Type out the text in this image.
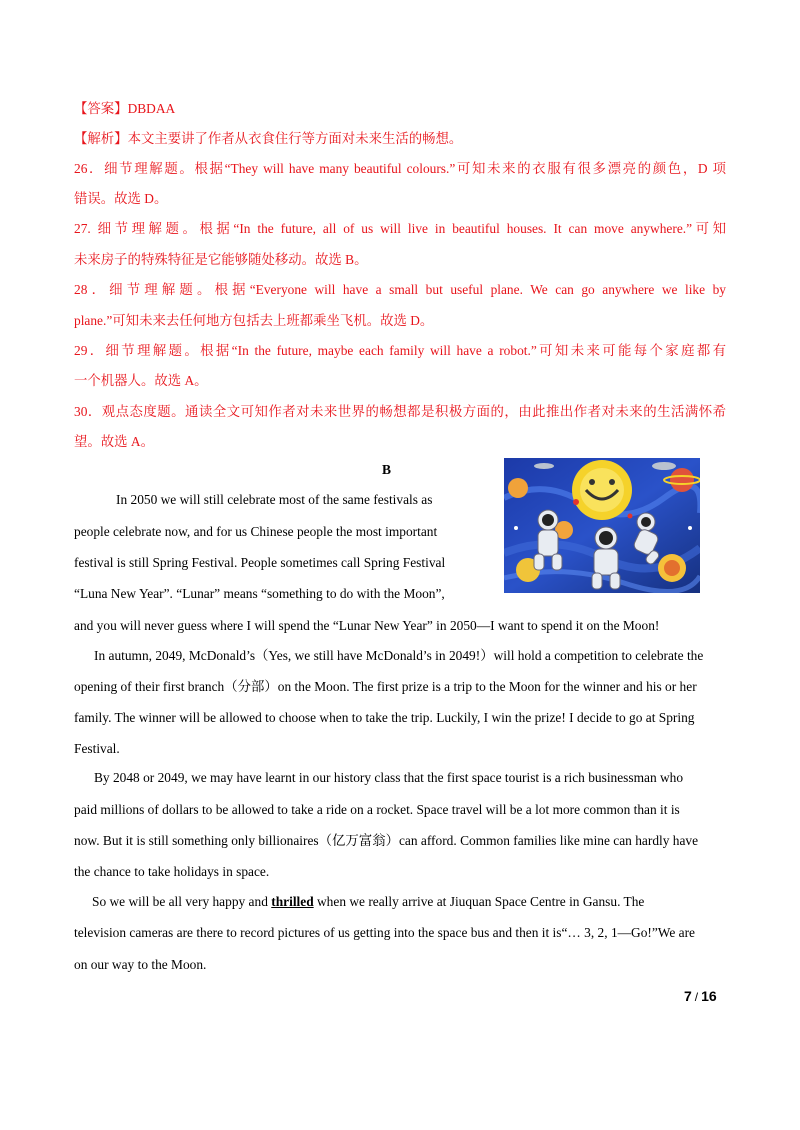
【答案】DBDAA
【解析】本文主要讲了作者从衣食住行等方面对未来生活的畅想。
26．细节理解题。根据“They will have many beautiful colours.”可知未来的衣服有很多漂亮的颜色，D 项
错误。故选 D。
27. 细节理解题。根据“In the future, all of us will live in beautiful houses. It can move anywhere.”可知
未来房子的特殊特征是它能够随处移动。故选 B。
28．细节理解题。根据“Everyone will have a small but useful plane. We can go anywhere we like by
plane.”可知未来去任何地方包括去上班都乘坐飞机。故选 D。
29．细节理解题。根据“In the future, maybe each family will have a robot.”可知未来可能每个家庭都有
一个机器人。故选 A。
30．观点态度题。通读全文可知作者对未来世界的畅想都是积极方面的，由此推出作者对未来的生活满怀希
望。故选 A。
B
In 2050 we will still celebrate most of the same festivals as
people celebrate now, and for us Chinese people the most important
festival is still Spring Festival. People sometimes call Spring Festival
“Luna New Year”. “Lunar” means “something to do with the Moon”,
and you will never guess where I will spend the “Lunar New Year” in 2050—I want to spend it on the Moon!
In autumn, 2049, McDonald’s（Yes, we still have McDonald’s in 2049!）will hold a competition to celebrate the
opening of their first branch（分部）on the Moon. The first prize is a trip to the Moon for the winner and his or her
family. The winner will be allowed to choose when to take the trip. Luckily, I win the prize! I decide to go at Spring
Festival.
By 2048 or 2049, we may have learnt in our history class that the first space tourist is a rich businessman who
paid millions of dollars to be allowed to take a ride on a rocket. Space travel will be a lot more common than it is
now. But it is still something only billionaires（亿万富翁）can afford. Common families like mine can hardly have
the chance to take holidays in space.
So we will be all very happy and thrilled when we really arrive at Jiuquan Space Centre in Gansu. The
television cameras are there to record pictures of us getting into the space bus and then it is“… 3, 2, 1—Go!”We are
on our way to the Moon.
7 / 16
